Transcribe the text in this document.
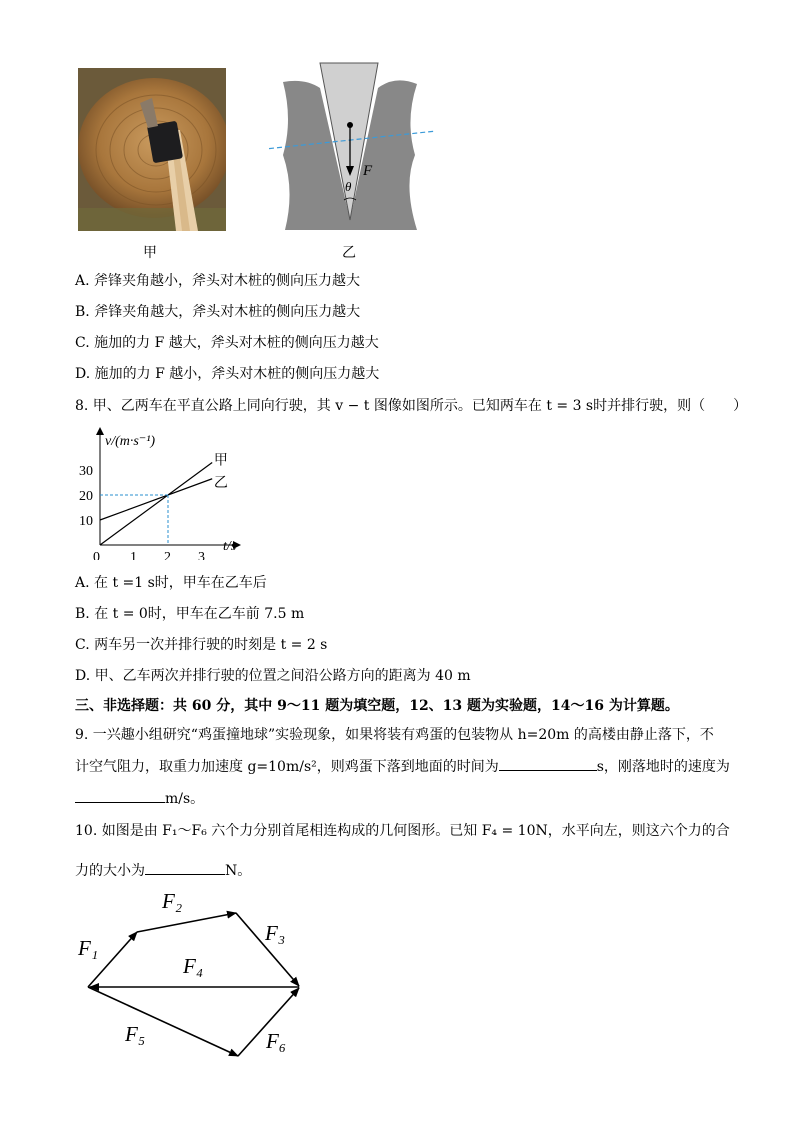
甲
F
θ
乙
A. 斧锋夹角越小，斧头对木桩的侧向压力越大
B. 斧锋夹角越大，斧头对木桩的侧向压力越大
C. 施加的力 F 越大，斧头对木桩的侧向压力越大
D. 施加的力 F 越小，斧头对木桩的侧向压力越大
8. 甲、乙两车在平直公路上同向行驶，其 v − t 图像如图所示。已知两车在 t = 3 s时并排行驶，则（　　）
0 1 2 3
10
20
30
甲
乙
v/(m·s⁻¹)
t/s
A. 在 t =1 s时，甲车在乙车后
B. 在 t = 0时，甲车在乙车前 7.5 m
C. 两车另一次并排行驶的时刻是 t = 2 s
D. 甲、乙车两次并排行驶的位置之间沿公路方向的距离为 40 m
三、非选择题：共 60 分，其中 9～11 题为填空题，12、13 题为实验题，14～16 为计算题。
9. 一兴趣小组研究“鸡蛋撞地球”实验现象，如果将装有鸡蛋的包装物从 h=20m 的高楼由静止落下，不
计空气阻力，取重力加速度 g=10m/s²，则鸡蛋下落到地面的时间为	s，刚落地时的速度为
m/s。
10. 如图是由 F₁～F₆ 六个力分别首尾相连构成的几何图形。已知 F₄ = 10N，水平向左，则这六个力的合
力的大小为	N。
F₁
F₂
F₃
F₄
F₅	F₆
